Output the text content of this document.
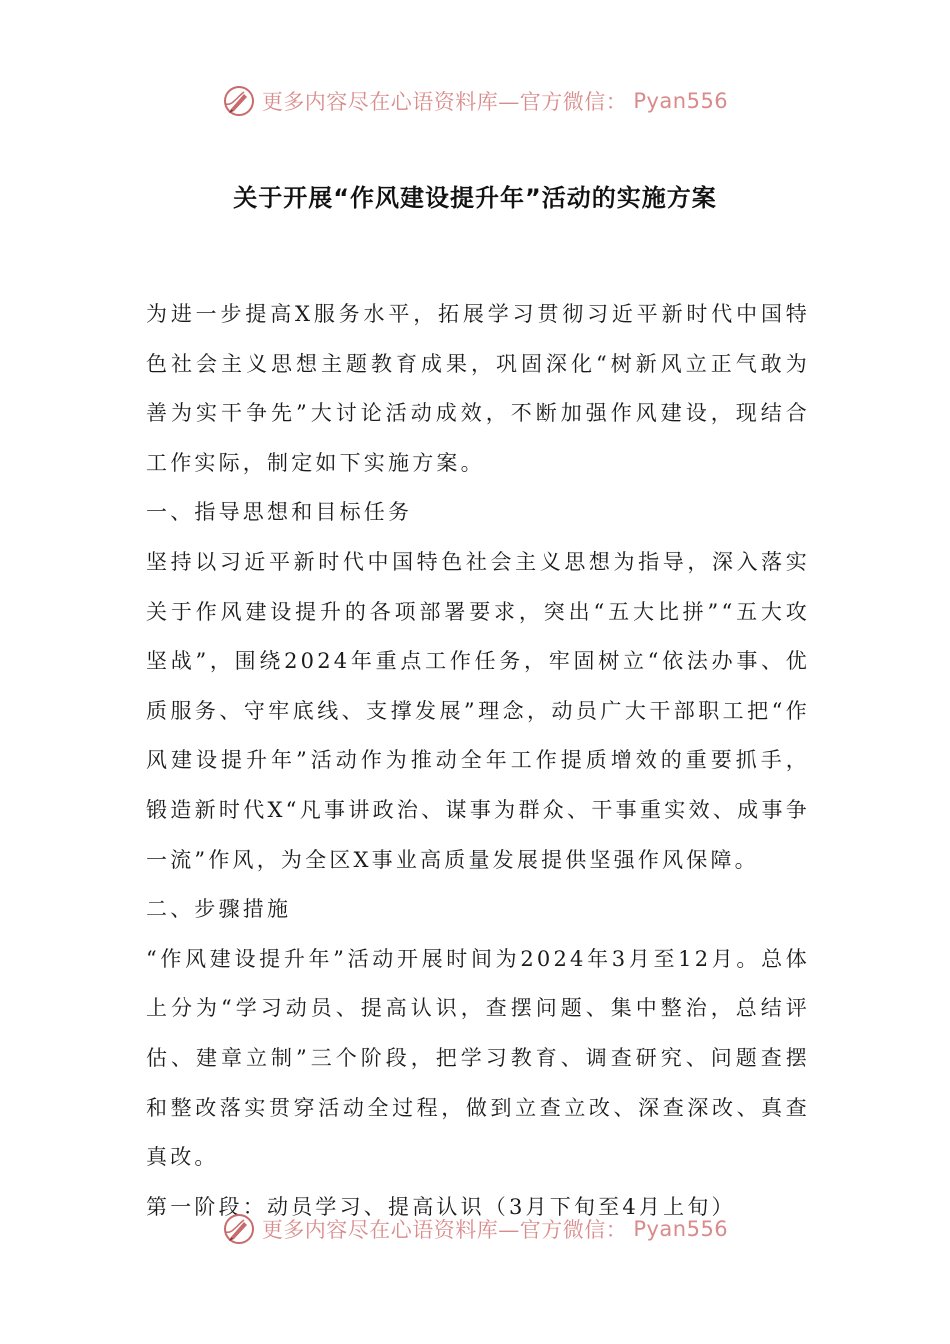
更多内容尽在心语资料库—官方微信： Pyan556
关于开展“作风建设提升年”活动的实施方案

为进一步提高X服务水平，拓展学习贯彻习近平新时代中国特色社会主义思想主题教育成果，巩固深化“树新风立正气敢为善为实干争先”大讨论活动成效，不断加强作风建设，现结合工作实际，制定如下实施方案。

一、指导思想和目标任务

坚持以习近平新时代中国特色社会主义思想为指导，深入落实关于作风建设提升的各项部署要求，突出“五大比拼”“五大攻坚战”，围绕2024年重点工作任务，牢固树立“依法办事、优质服务、守牢底线、支撑发展”理念，动员广大干部职工把“作风建设提升年”活动作为推动全年工作提质增效的重要抓手，锻造新时代X“凡事讲政治、谋事为群众、干事重实效、成事争一流”作风，为全区X事业高质量发展提供坚强作风保障。

二、步骤措施

“作风建设提升年”活动开展时间为2024年3月至12月。总体上分为“学习动员、提高认识，查摆问题、集中整治，总结评估、建章立制”三个阶段，把学习教育、调查研究、问题查摆和整改落实贯穿活动全过程，做到立查立改、深查深改、真查真改。

第一阶段：动员学习、提高认识（3月下旬至4月上旬）

更多内容尽在心语资料库—官方微信： Pyan556
